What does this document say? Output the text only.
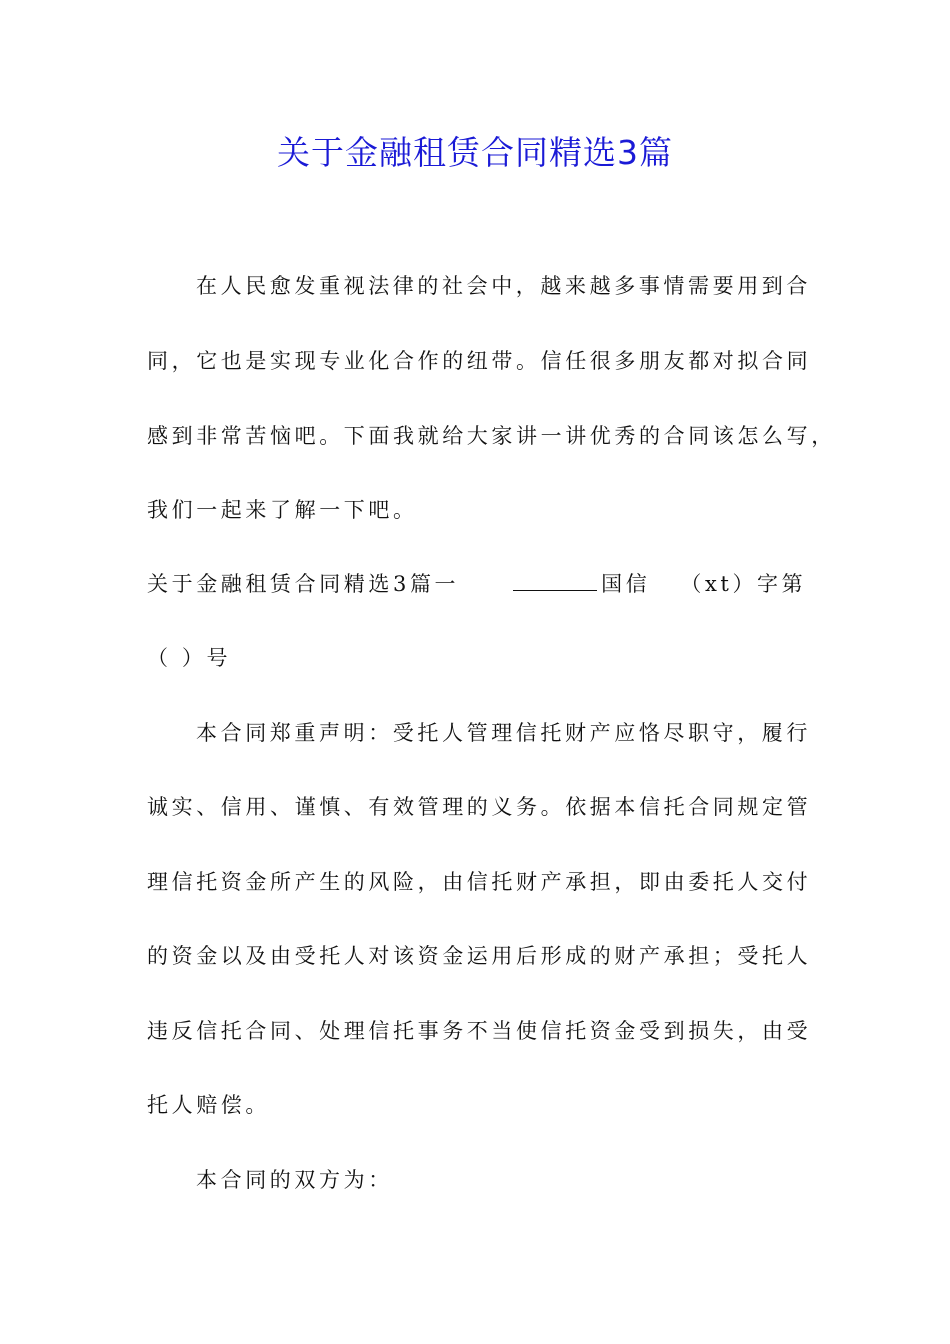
关于金融租赁合同精选3篇
在人民愈发重视法律的社会中，越来越多事情需要用到合
同，它也是实现专业化合作的纽带。信任很多朋友都对拟合同
感到非常苦恼吧。下面我就给大家讲一讲优秀的合同该怎么写，
我们一起来了解一下吧。
关于金融租赁合同精选3篇一	国信 （xt）字第
（ ）号
本合同郑重声明：受托人管理信托财产应恪尽职守，履行
诚实、信用、谨慎、有效管理的义务。依据本信托合同规定管
理信托资金所产生的风险，由信托财产承担，即由委托人交付
的资金以及由受托人对该资金运用后形成的财产承担；受托人
违反信托合同、处理信托事务不当使信托资金受到损失，由受
托人赔偿。
本合同的双方为：
